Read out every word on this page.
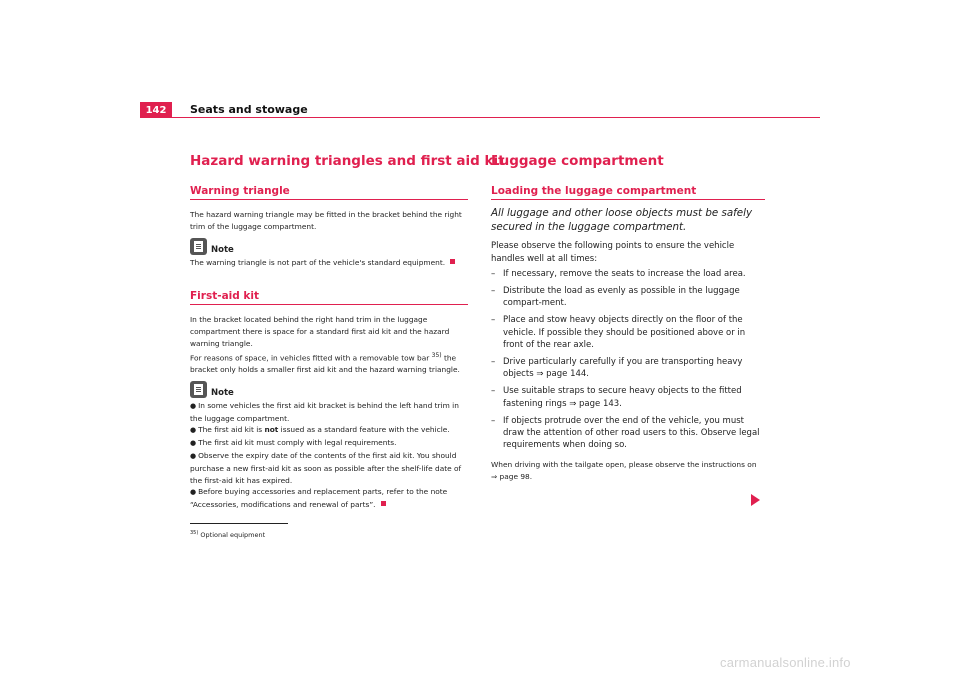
142	Seats and stowage
Hazard warning triangles and first aid kit
Warning triangle

The hazard warning triangle may be fitted in the bracket behind the right trim of the luggage compartment.

Note

The warning triangle is not part of the vehicle's standard equipment.

First-aid kit

In the bracket located behind the right hand trim in the luggage compartment there is space for a standard first aid kit and the hazard warning triangle.

For reasons of space, in vehicles fitted with a removable tow bar $^{35)}$ the bracket only holds a smaller first aid kit and the hazard warning triangle.

Note

● In some vehicles the first aid kit bracket is behind the left hand trim in the luggage compartment.

● The first aid kit is not issued as a standard feature with the vehicle.

● The first aid kit must comply with legal requirements.

● Observe the expiry date of the contents of the first aid kit. You should purchase a new first-aid kit as soon as possible after the shelf-life date of the first-aid kit has expired.

● Before buying accessories and replacement parts, refer to the note “Accessories, modifications and renewal of parts”.

$^{35)}$ Optional equipment
Luggage compartment
Loading the luggage compartment

All luggage and other loose objects must be safely secured in the luggage compartment.

Please observe the following points to ensure the vehicle handles well at all times:

– If necessary, remove the seats to increase the load area.
– Distribute the load as evenly as possible in the luggage compart-ment.
– Place and stow heavy objects directly on the floor of the vehicle. If possible they should be positioned above or in front of the rear axle.
– Drive particularly carefully if you are transporting heavy objects ⇒ page 144.
– Use suitable straps to secure heavy objects to the fitted fastening rings ⇒ page 143.
– If objects protrude over the end of the vehicle, you must draw the attention of other road users to this. Observe legal requirements when doing so.

When driving with the tailgate open, please observe the instructions on ⇒ page 98.

carmanualsonline.info
